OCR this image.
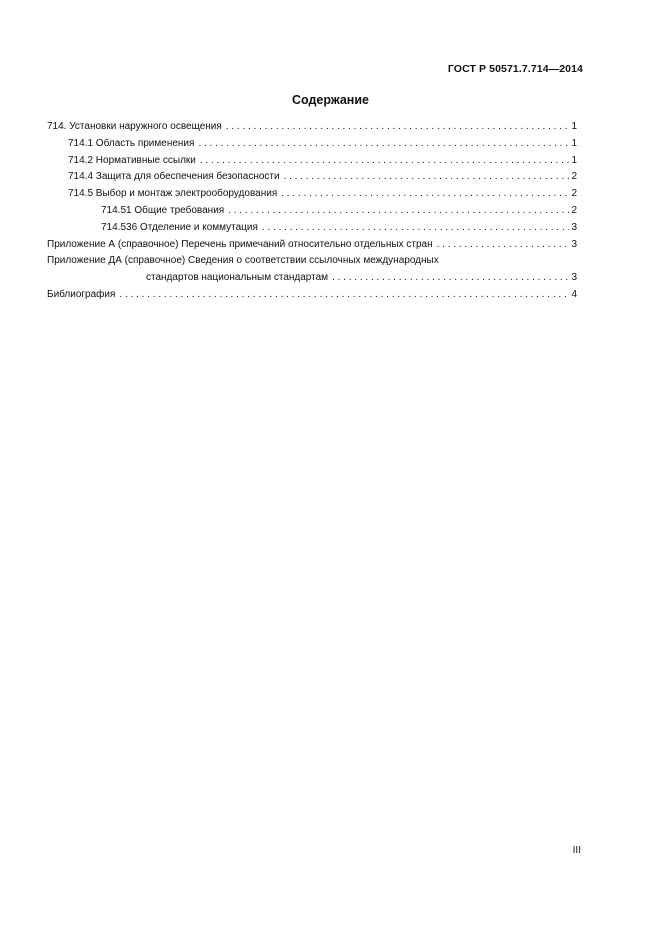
ГОСТ Р 50571.7.714—2014
Содержание
714. Установки наружного освещения . . .	1
714.1 Область применения . . .	1
714.2 Нормативные ссылки . . .	1
714.4 Защита для обеспечения безопасности . . .	2
714.5 Выбор и монтаж электрооборудования . . .	2
714.51 Общие требования . . .	2
714.536 Отделение и коммутация . . .	3
Приложение А (справочное) Перечень примечаний относительно отдельных стран . . .	3
Приложение ДА (справочное) Сведения о соответствии ссылочных международных
стандартов национальным стандартам . . .	3
Библиография . . .	4
III
